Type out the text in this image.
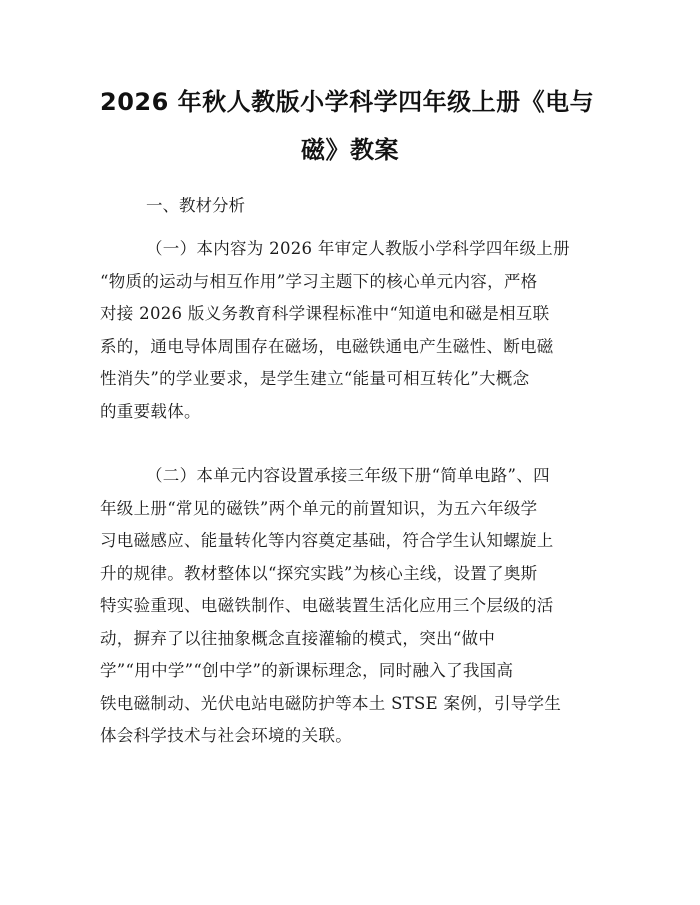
2026 年秋人教版小学科学四年级上册《电与
磁》教案

一、教材分析

（一）本内容为 2026 年审定人教版小学科学四年级上册
“物质的运动与相互作用”学习主题下的核心单元内容，严格
对接 2026 版义务教育科学课程标准中“知道电和磁是相互联
系的，通电导体周围存在磁场，电磁铁通电产生磁性、断电磁
性消失”的学业要求，是学生建立“能量可相互转化”大概念
的重要载体。

（二）本单元内容设置承接三年级下册“简单电路”、四
年级上册“常见的磁铁”两个单元的前置知识，为五六年级学
习电磁感应、能量转化等内容奠定基础，符合学生认知螺旋上
升的规律。教材整体以“探究实践”为核心主线，设置了奥斯
特实验重现、电磁铁制作、电磁装置生活化应用三个层级的活
动，摒弃了以往抽象概念直接灌输的模式，突出“做中
学”“用中学”“创中学”的新课标理念，同时融入了我国高
铁电磁制动、光伏电站电磁防护等本土 STSE 案例，引导学生
体会科学技术与社会环境的关联。
